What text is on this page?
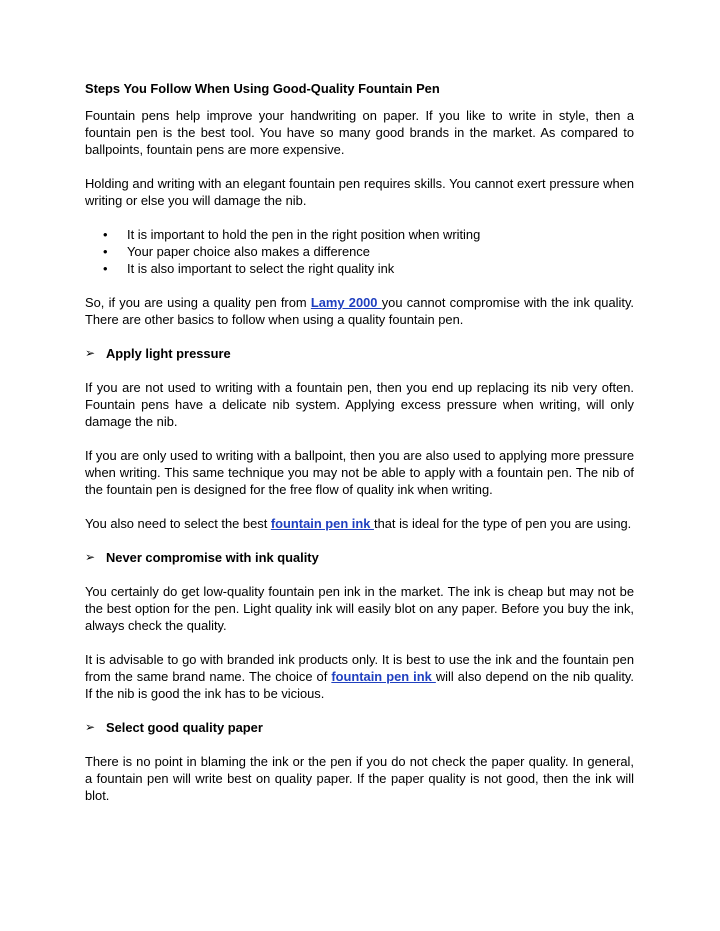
Steps You Follow When Using Good-Quality Fountain Pen

Fountain pens help improve your handwriting on paper. If you like to write in style, then a fountain pen is the best tool. You have so many good brands in the market. As compared to ballpoints, fountain pens are more expensive.

Holding and writing with an elegant fountain pen requires skills. You cannot exert pressure when writing or else you will damage the nib.

• It is important to hold the pen in the right position when writing
• Your paper choice also makes a difference
• It is also important to select the right quality ink

So, if you are using a quality pen from Lamy 2000 you cannot compromise with the ink quality. There are other basics to follow when using a quality fountain pen.

➢ Apply light pressure

If you are not used to writing with a fountain pen, then you end up replacing its nib very often. Fountain pens have a delicate nib system. Applying excess pressure when writing, will only damage the nib.

If you are only used to writing with a ballpoint, then you are also used to applying more pressure when writing. This same technique you may not be able to apply with a fountain pen. The nib of the fountain pen is designed for the free flow of quality ink when writing.

You also need to select the best fountain pen ink that is ideal for the type of pen you are using.

➢ Never compromise with ink quality

You certainly do get low-quality fountain pen ink in the market. The ink is cheap but may not be the best option for the pen. Light quality ink will easily blot on any paper. Before you buy the ink, always check the quality.

It is advisable to go with branded ink products only. It is best to use the ink and the fountain pen from the same brand name. The choice of fountain pen ink will also depend on the nib quality. If the nib is good the ink has to be vicious.

➢ Select good quality paper

There is no point in blaming the ink or the pen if you do not check the paper quality. In general, a fountain pen will write best on quality paper. If the paper quality is not good, then the ink will blot.
